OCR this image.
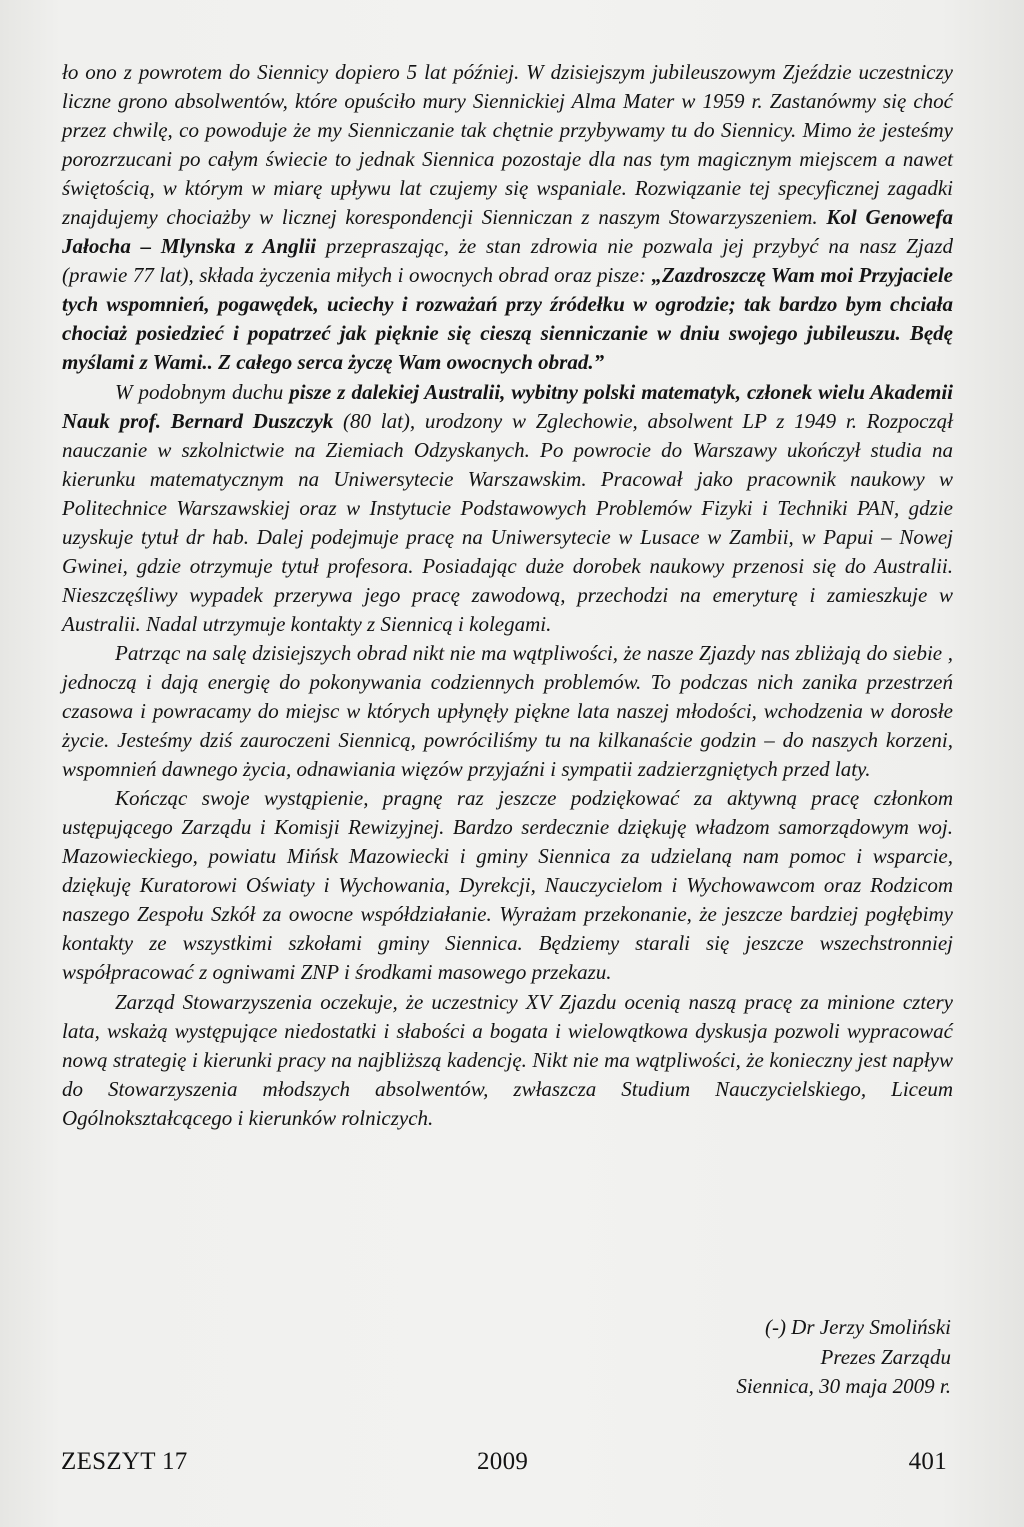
ło ono z powrotem do Siennicy dopiero 5 lat później. W dzisiejszym jubileuszowym Zjeździe uczestniczy liczne grono absolwentów, które opuściło mury Siennickiej Alma Mater w 1959 r. Zastanówmy się choć przez chwilę, co powoduje że my Sienniczanie tak chętnie przybywamy tu do Siennicy. Mimo że jesteśmy porozrzucani po całym świecie to jednak Siennica pozostaje dla nas tym magicznym miejscem a nawet świętością, w którym w miarę upływu lat czujemy się wspaniale. Rozwiązanie tej specyficznej zagadki znajdujemy chociażby w licznej korespondencji Sienniczan z naszym Stowarzyszeniem. Kol Genowefa Jałocha – Mlynska z Anglii przepraszając, że stan zdrowia nie pozwala jej przybyć na nasz Zjazd (prawie 77 lat), składa życzenia miłych i owocnych obrad oraz pisze: „Zazdroszczę Wam moi Przyjaciele tych wspomnień, pogawędek, uciechy i rozważań przy źródełku w ogrodzie; tak bardzo bym chciała chociaż posiedzieć i popatrzeć jak pięknie się cieszą sienniczanie w dniu swojego jubileuszu. Będę myślami z Wami.. Z całego serca życzę Wam owocnych obrad.”

W podobnym duchu pisze z dalekiej Australii, wybitny polski matematyk, członek wielu Akademii Nauk prof. Bernard Duszczyk (80 lat), urodzony w Zglechowie, absolwent LP z 1949 r. Rozpoczął nauczanie w szkolnictwie na Ziemiach Odzyskanych. Po powrocie do Warszawy ukończył studia na kierunku matematycznym na Uniwersytecie Warszawskim. Pracował jako pracownik naukowy w Politechnice Warszawskiej oraz w Instytucie Podstawowych Problemów Fizyki i Techniki PAN, gdzie uzyskuje tytuł dr hab. Dalej podejmuje pracę na Uniwersytecie w Lusace w Zambii, w Papui – Nowej Gwinei, gdzie otrzymuje tytuł profesora. Posiadając duże dorobek naukowy przenosi się do Australii. Nieszczęśliwy wypadek przerywa jego pracę zawodową, przechodzi na emeryturę i zamieszkuje w Australii. Nadal utrzymuje kontakty z Siennicą i kolegami.

Patrząc na salę dzisiejszych obrad nikt nie ma wątpliwości, że nasze Zjazdy nas zbliżają do siebie , jednoczą i dają energię do pokonywania codziennych problemów. To podczas nich zanika przestrzeń czasowa i powracamy do miejsc w których upłynęły piękne lata naszej młodości, wchodzenia w dorosłe życie. Jesteśmy dziś zauroczeni Siennicą, powróciliśmy tu na kilkanaście godzin – do naszych korzeni, wspomnień dawnego życia, odnawiania więzów przyjaźni i sympatii zadzierzgniętych przed laty.

Kończąc swoje wystąpienie, pragnę raz jeszcze podziękować za aktywną pracę członkom ustępującego Zarządu i Komisji Rewizyjnej. Bardzo serdecznie dziękuję władzom samorządowym woj. Mazowieckiego, powiatu Mińsk Mazowiecki i gminy Siennica za udzielaną nam pomoc i wsparcie, dziękuję Kuratorowi Oświaty i Wychowania, Dyrekcji, Nauczycielom i Wychowawcom oraz Rodzicom naszego Zespołu Szkół za owocne współdziałanie. Wyrażam przekonanie, że jeszcze bardziej pogłębimy kontakty ze wszystkimi szkołami gminy Siennica. Będziemy starali się jeszcze wszechstronniej współpracować z ogniwami ZNP i środkami masowego przekazu.

Zarząd Stowarzyszenia oczekuje, że uczestnicy XV Zjazdu ocenią naszą pracę za minione cztery lata, wskażą występujące niedostatki i słabości a bogata i wielowątkowa dyskusja pozwoli wypracować nową strategię i kierunki pracy na najbliższą kadencję. Nikt nie ma wątpliwości, że konieczny jest napływ do Stowarzyszenia młodszych absolwentów, zwłaszcza Studium Nauczycielskiego, Liceum Ogólnokształcącego i kierunków rolniczych.

(-) Dr Jerzy Smoliński
Prezes Zarządu
Siennica, 30 maja 2009 r.
ZESZYT 17	2009	401
